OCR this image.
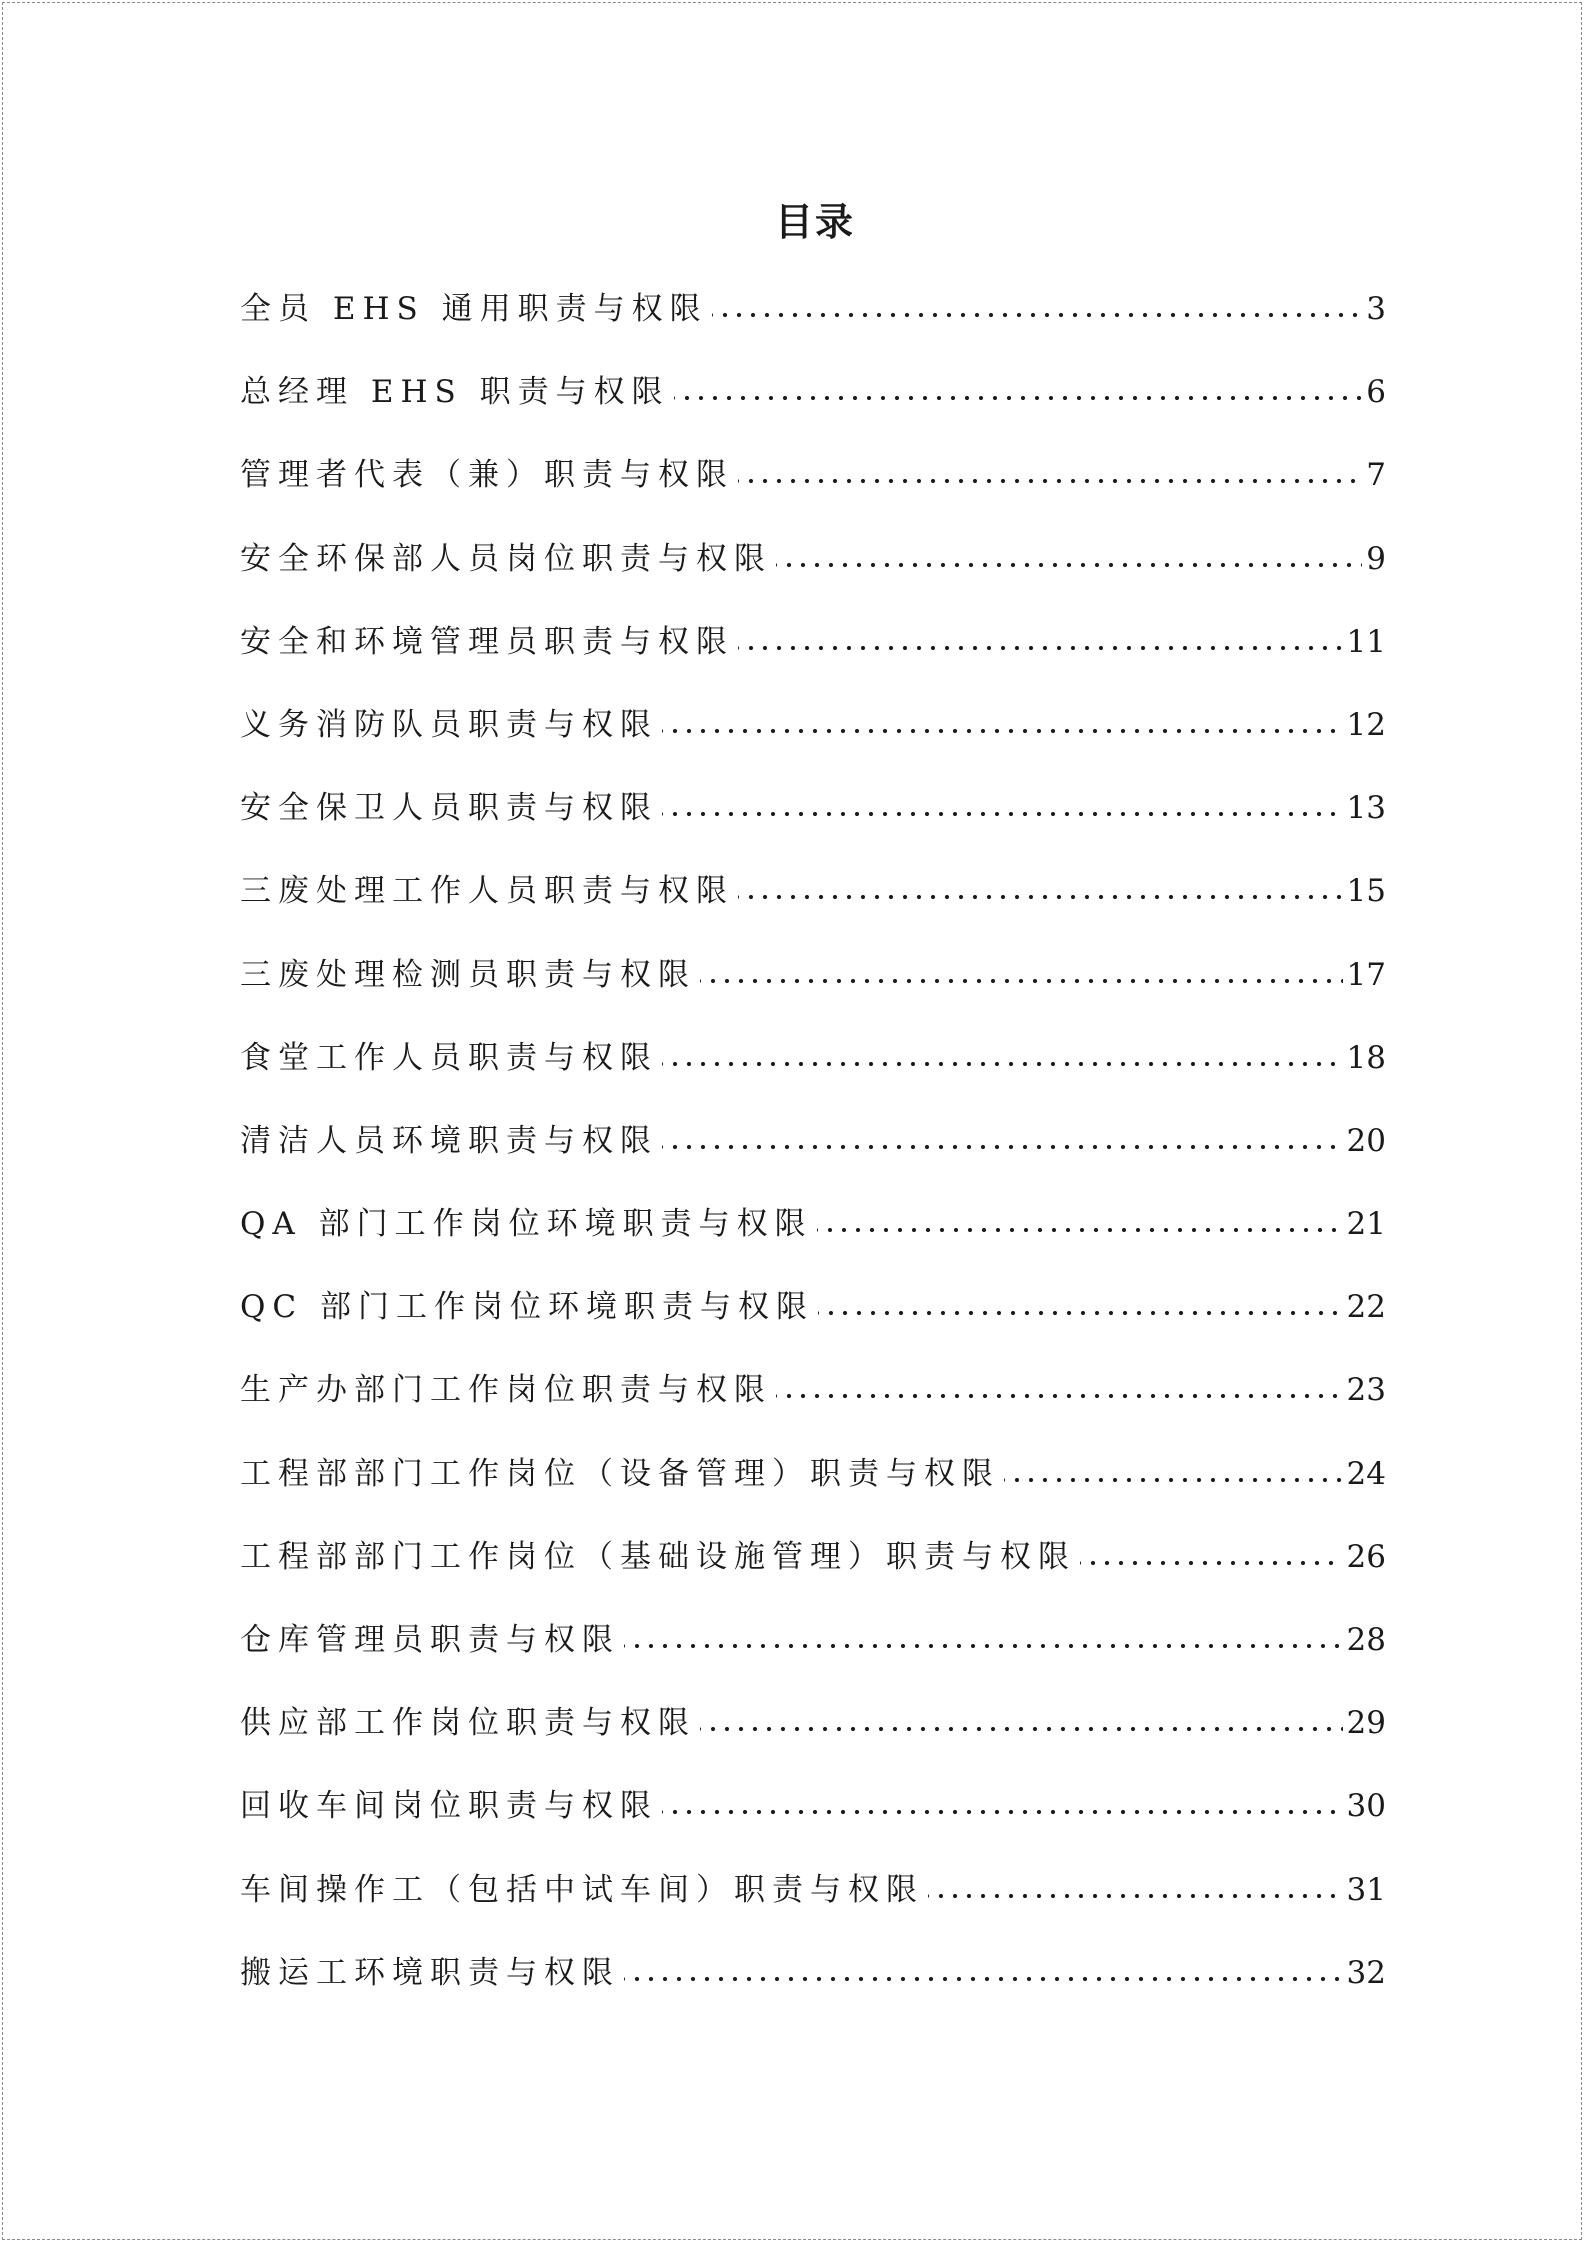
目录
全员 EHS 通用职责与权限	3
总经理 EHS 职责与权限	6
管理者代表（兼）职责与权限	7
安全环保部人员岗位职责与权限	9
安全和环境管理员职责与权限	11
义务消防队员职责与权限	12
安全保卫人员职责与权限	13
三废处理工作人员职责与权限	15
三废处理检测员职责与权限	17
食堂工作人员职责与权限	18
清洁人员环境职责与权限	20
QA 部门工作岗位环境职责与权限	21
QC 部门工作岗位环境职责与权限	22
生产办部门工作岗位职责与权限	23
工程部部门工作岗位（设备管理）职责与权限	24
工程部部门工作岗位（基础设施管理）职责与权限	26
仓库管理员职责与权限	28
供应部工作岗位职责与权限	29
回收车间岗位职责与权限	30
车间操作工（包括中试车间）职责与权限	31
搬运工环境职责与权限	32
